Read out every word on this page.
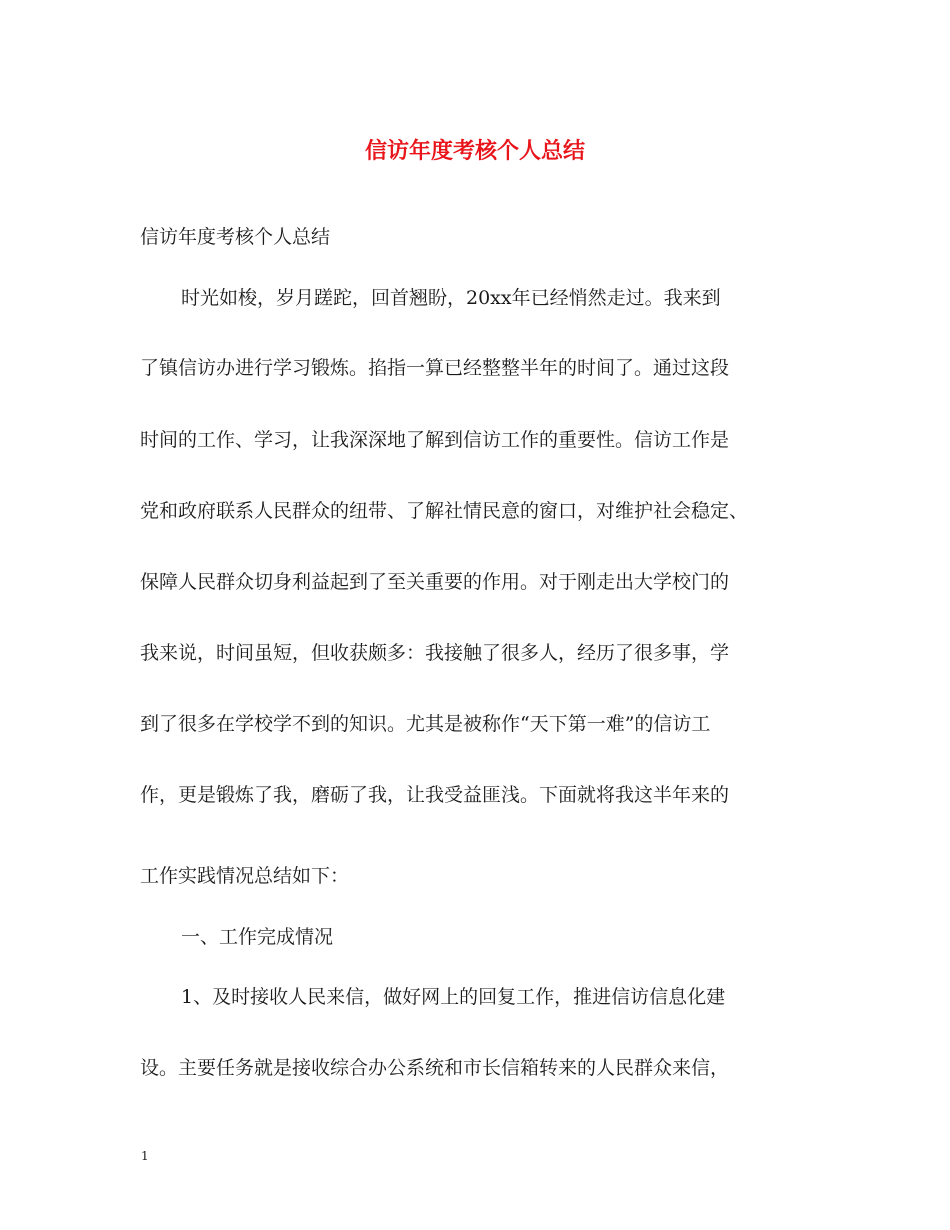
信访年度考核个人总结

信访年度考核个人总结

时光如梭，岁月蹉跎，回首翘盼，20xx年已经悄然走过。我来到

了镇信访办进行学习锻炼。掐指一算已经整整半年的时间了。通过这段

时间的工作、学习，让我深深地了解到信访工作的重要性。信访工作是

党和政府联系人民群众的纽带、了解社情民意的窗口，对维护社会稳定、

保障人民群众切身利益起到了至关重要的作用。对于刚走出大学校门的

我来说，时间虽短，但收获颇多：我接触了很多人，经历了很多事，学

到了很多在学校学不到的知识。尤其是被称作“天下第一难”的信访工

作，更是锻炼了我，磨砺了我，让我受益匪浅。下面就将我这半年来的

工作实践情况总结如下：

一、工作完成情况

1、及时接收人民来信，做好网上的回复工作，推进信访信息化建

设。主要任务就是接收综合办公系统和市长信箱转来的人民群众来信，

1
